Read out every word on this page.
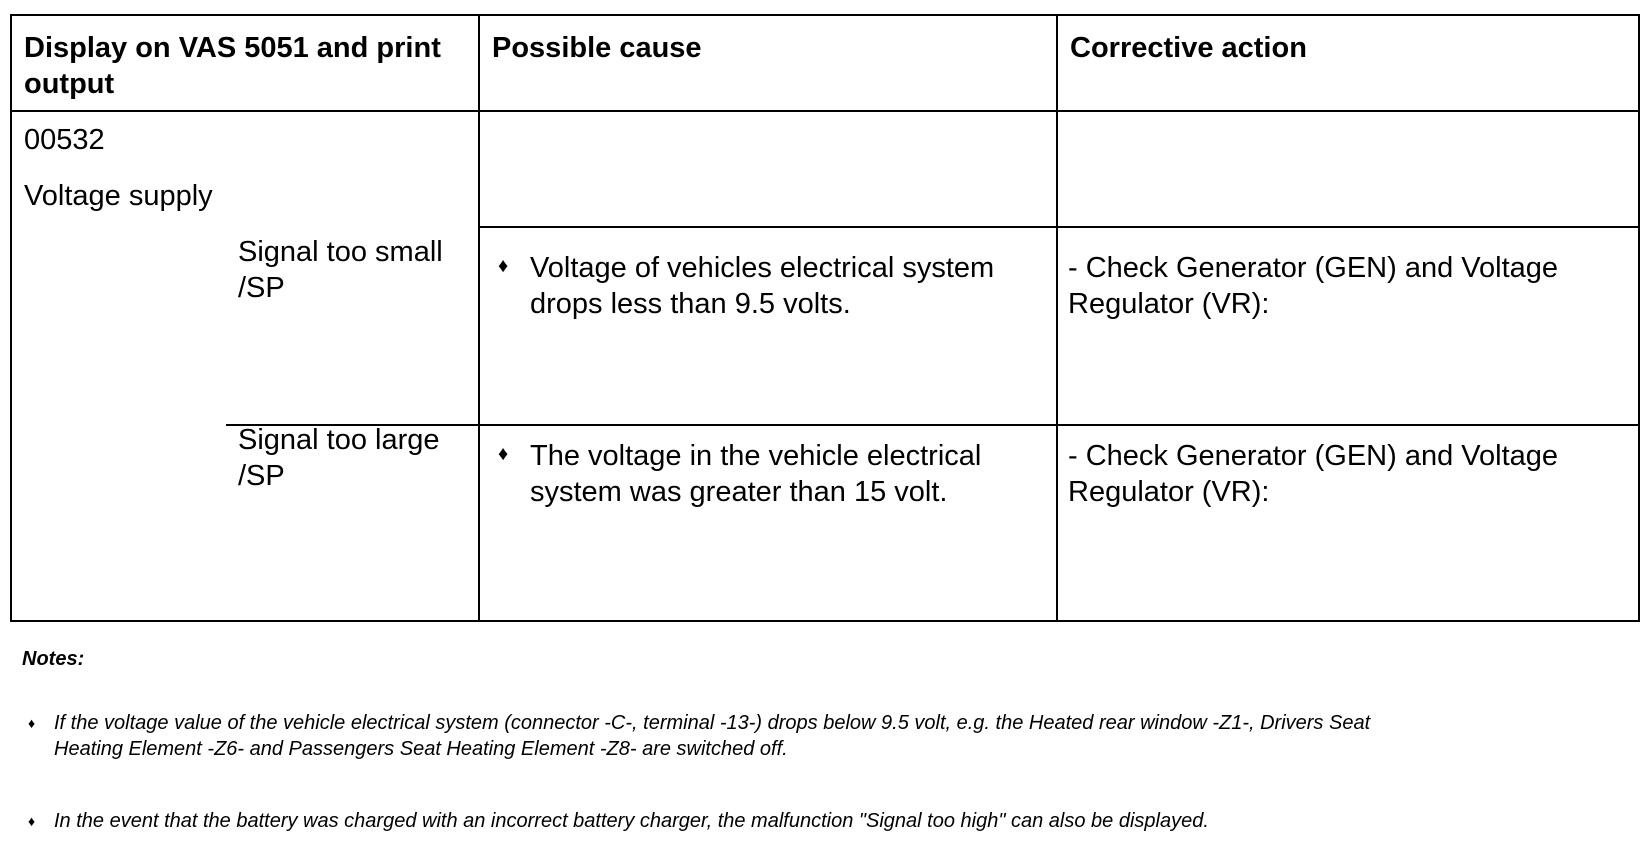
Display on VAS 5051 and print output
Possible cause	Corrective action
00532
Voltage supply
Signal too small /SP
♦ Voltage of vehicles electrical system drops less than 9.5 volts.
- Check Generator (GEN) and Voltage Regulator (VR):
Signal too large /SP
♦ The voltage in the vehicle electrical system was greater than 15 volt.
- Check Generator (GEN) and Voltage Regulator (VR):
Notes:
♦ If the voltage value of the vehicle electrical system (connector -C-, terminal -13-) drops below 9.5 volt, e.g. the Heated rear window -Z1-, Drivers Seat Heating Element -Z6- and Passengers Seat Heating Element -Z8- are switched off.
♦ In the event that the battery was charged with an incorrect battery charger, the malfunction "Signal too high" can also be displayed.
